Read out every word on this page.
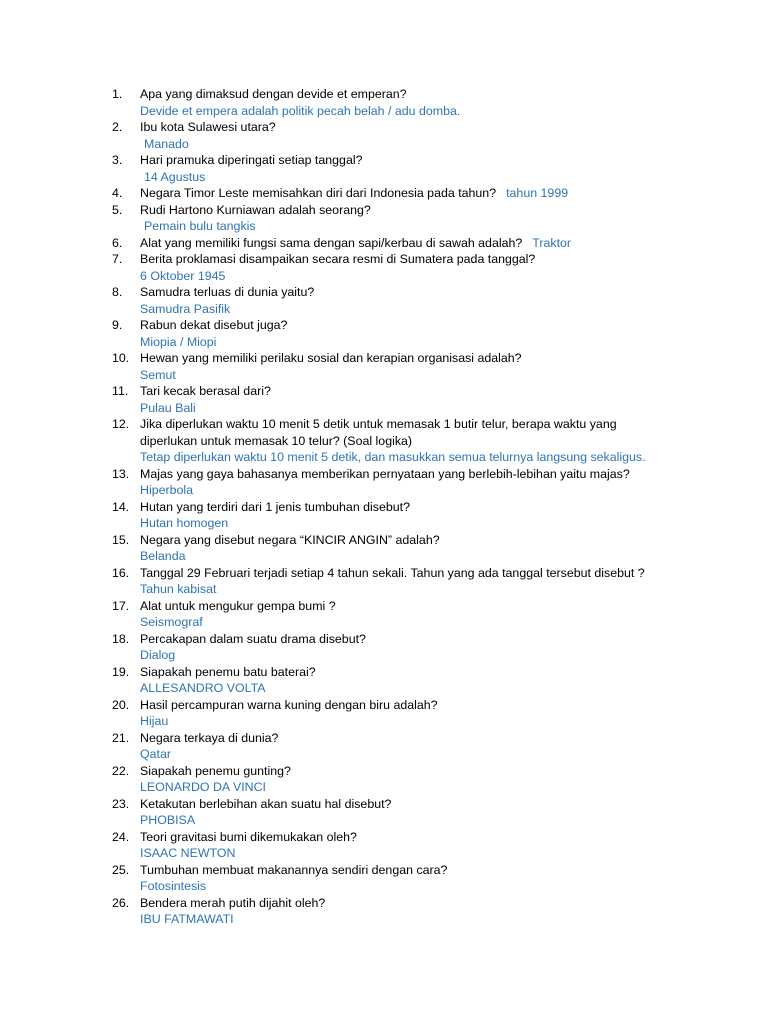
1.	Apa yang dimaksud dengan devide et emperan?
Devide et empera adalah politik pecah belah / adu domba.
2.	Ibu kota Sulawesi utara?
Manado
3.	Hari pramuka diperingati setiap tanggal?
14 Agustus
4.	Negara Timor Leste memisahkan diri dari Indonesia pada tahun? tahun 1999
5.	Rudi Hartono Kurniawan adalah seorang?
Pemain bulu tangkis
6.	Alat yang memiliki fungsi sama dengan sapi/kerbau di sawah adalah? Traktor
7.	Berita proklamasi disampaikan secara resmi di Sumatera pada tanggal?
6 Oktober 1945
8.	Samudra terluas di dunia yaitu?
Samudra Pasifik
9.	Rabun dekat disebut juga?
Miopia / Miopi
10. Hewan yang memiliki perilaku sosial dan kerapian organisasi adalah?
Semut
11. Tari kecak berasal dari?
Pulau Bali
12. Jika diperlukan waktu 10 menit 5 detik untuk memasak 1 butir telur, berapa waktu yang
diperlukan untuk memasak 10 telur? (Soal logika)
Tetap diperlukan waktu 10 menit 5 detik, dan masukkan semua telurnya langsung sekaligus.
13. Majas yang gaya bahasanya memberikan pernyataan yang berlebih-lebihan yaitu majas?
Hiperbola
14. Hutan yang terdiri dari 1 jenis tumbuhan disebut?
Hutan homogen
15. Negara yang disebut negara “KINCIR ANGIN” adalah?
Belanda
16. Tanggal 29 Februari terjadi setiap 4 tahun sekali. Tahun yang ada tanggal tersebut disebut ?
Tahun kabisat
17. Alat untuk mengukur gempa bumi ?
Seismograf
18. Percakapan dalam suatu drama disebut?
Dialog
19. Siapakah penemu batu baterai?
ALLESANDRO VOLTA
20. Hasil percampuran warna kuning dengan biru adalah?
Hijau
21. Negara terkaya di dunia?
Qatar
22. Siapakah penemu gunting?
LEONARDO DA VINCI
23. Ketakutan berlebihan akan suatu hal disebut?
PHOBISA
24. Teori gravitasi bumi dikemukakan oleh?
ISAAC NEWTON
25. Tumbuhan membuat makanannya sendiri dengan cara?
Fotosintesis
26. Bendera merah putih dijahit oleh?
IBU FATMAWATI
